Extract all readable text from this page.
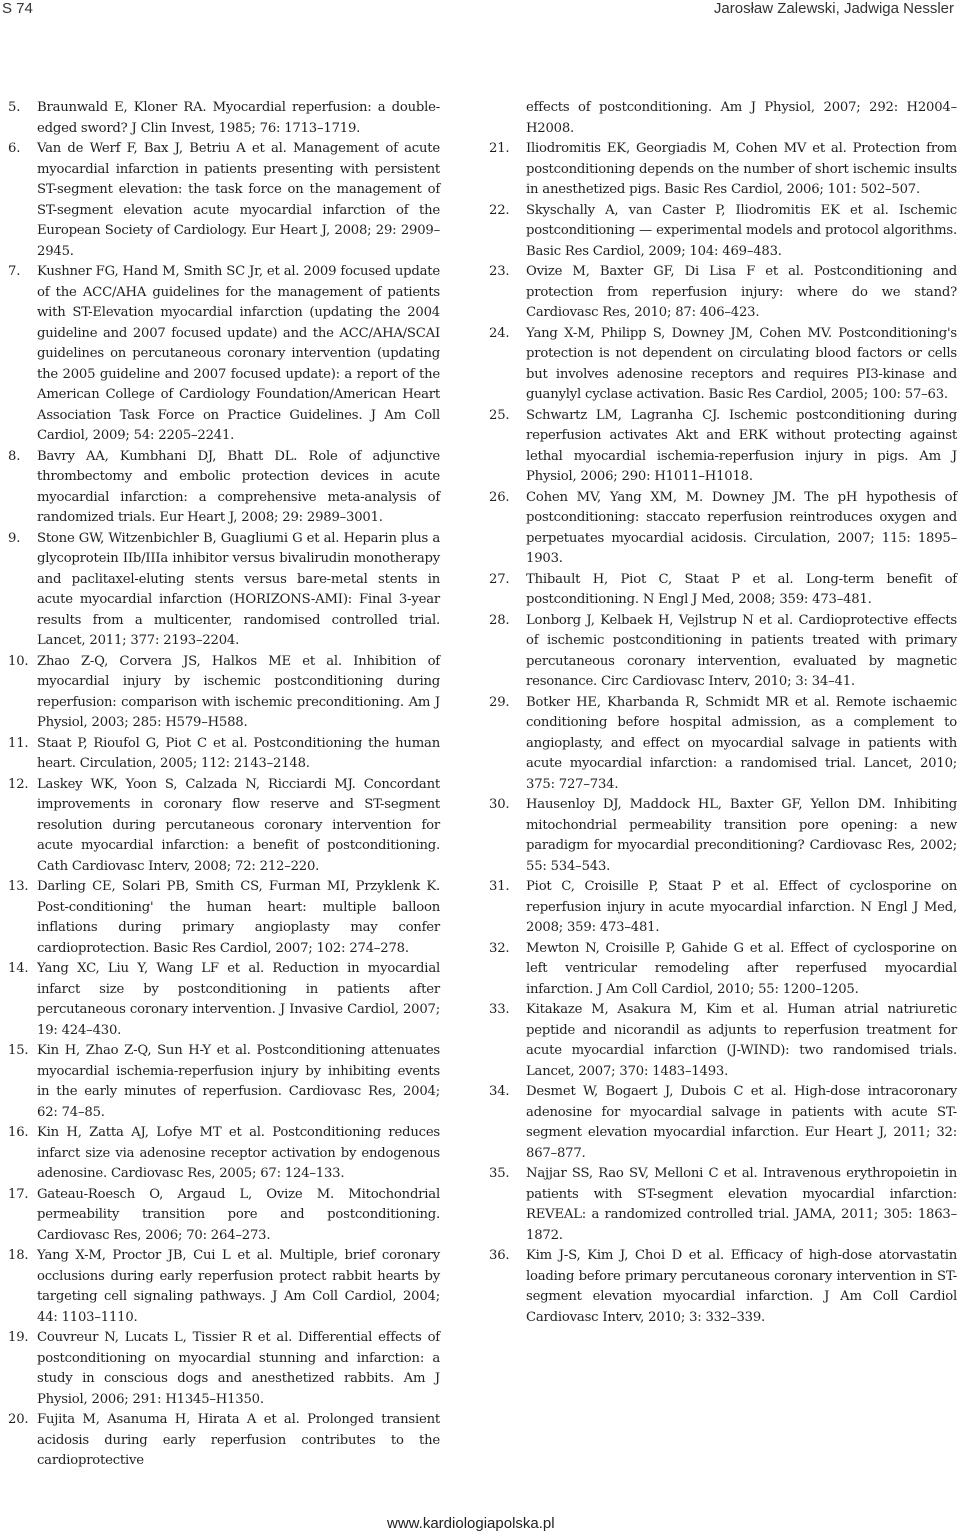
S 74	Jarosław Zalewski, Jadwiga Nessler
5. Braunwald E, Kloner RA. Myocardial reperfusion: a double-edged sword? J Clin Invest, 1985; 76: 1713–1719.
6. Van de Werf F, Bax J, Betriu A et al. Management of acute myocardial infarction in patients presenting with persistent ST-segment elevation: the task force on the management of ST-segment elevation acute myocardial infarction of the European Society of Cardiology. Eur Heart J, 2008; 29: 2909–2945.
7. Kushner FG, Hand M, Smith SC Jr, et al. 2009 focused update of the ACC/AHA guidelines for the management of patients with ST-Elevation myocardial infarction (updating the 2004 guideline and 2007 focused update) and the ACC/AHA/SCAI guidelines on percutaneous coronary intervention (updating the 2005 guideline and 2007 focused update): a report of the American College of Cardiology Foundation/American Heart Association Task Force on Practice Guidelines. J Am Coll Cardiol, 2009; 54: 2205–2241.
8. Bavry AA, Kumbhani DJ, Bhatt DL. Role of adjunctive thrombectomy and embolic protection devices in acute myocardial infarction: a comprehensive meta-analysis of randomized trials. Eur Heart J, 2008; 29: 2989–3001.
9. Stone GW, Witzenbichler B, Guagliumi G et al. Heparin plus a glycoprotein IIb/IIIa inhibitor versus bivalirudin monotherapy and paclitaxel-eluting stents versus bare-metal stents in acute myocardial infarction (HORIZONS-AMI): Final 3-year results from a multicenter, randomised controlled trial. Lancet, 2011; 377: 2193–2204.
10. Zhao Z-Q, Corvera JS, Halkos ME et al. Inhibition of myocardial injury by ischemic postconditioning during reperfusion: comparison with ischemic preconditioning. Am J Physiol, 2003; 285: H579–H588.
11. Staat P, Rioufol G, Piot C et al. Postconditioning the human heart. Circulation, 2005; 112: 2143–2148.
12. Laskey WK, Yoon S, Calzada N, Ricciardi MJ. Concordant improvements in coronary flow reserve and ST-segment resolution during percutaneous coronary intervention for acute myocardial infarction: a benefit of postconditioning. Cath Cardiovasc Interv, 2008; 72: 212–220.
13. Darling CE, Solari PB, Smith CS, Furman MI, Przyklenk K. Post-conditioning' the human heart: multiple balloon inflations during primary angioplasty may confer cardioprotection. Basic Res Cardiol, 2007; 102: 274–278.
14. Yang XC, Liu Y, Wang LF et al. Reduction in myocardial infarct size by postconditioning in patients after percutaneous coronary intervention. J Invasive Cardiol, 2007; 19: 424–430.
15. Kin H, Zhao Z-Q, Sun H-Y et al. Postconditioning attenuates myocardial ischemia-reperfusion injury by inhibiting events in the early minutes of reperfusion. Cardiovasc Res, 2004; 62: 74–85.
16. Kin H, Zatta AJ, Lofye MT et al. Postconditioning reduces infarct size via adenosine receptor activation by endogenous adenosine. Cardiovasc Res, 2005; 67: 124–133.
17. Gateau-Roesch O, Argaud L, Ovize M. Mitochondrial permeability transition pore and postconditioning. Cardiovasc Res, 2006; 70: 264–273.
18. Yang X-M, Proctor JB, Cui L et al. Multiple, brief coronary occlusions during early reperfusion protect rabbit hearts by targeting cell signaling pathways. J Am Coll Cardiol, 2004; 44: 1103–1110.
19. Couvreur N, Lucats L, Tissier R et al. Differential effects of postconditioning on myocardial stunning and infarction: a study in conscious dogs and anesthetized rabbits. Am J Physiol, 2006; 291: H1345–H1350.
20. Fujita M, Asanuma H, Hirata A et al. Prolonged transient acidosis during early reperfusion contributes to the cardioprotective
effects of postconditioning. Am J Physiol, 2007; 292: H2004–H2008.
21. Iliodromitis EK, Georgiadis M, Cohen MV et al. Protection from postconditioning depends on the number of short ischemic insults in anesthetized pigs. Basic Res Cardiol, 2006; 101: 502–507.
22. Skyschally A, van Caster P, Iliodromitis EK et al. Ischemic postconditioning — experimental models and protocol algorithms. Basic Res Cardiol, 2009; 104: 469–483.
23. Ovize M, Baxter GF, Di Lisa F et al. Postconditioning and protection from reperfusion injury: where do we stand? Cardiovasc Res, 2010; 87: 406–423.
24. Yang X-M, Philipp S, Downey JM, Cohen MV. Postconditioning's protection is not dependent on circulating blood factors or cells but involves adenosine receptors and requires PI3-kinase and guanylyl cyclase activation. Basic Res Cardiol, 2005; 100: 57–63.
25. Schwartz LM, Lagranha CJ. Ischemic postconditioning during reperfusion activates Akt and ERK without protecting against lethal myocardial ischemia-reperfusion injury in pigs. Am J Physiol, 2006; 290: H1011–H1018.
26. Cohen MV, Yang XM, M. Downey JM. The pH hypothesis of postconditioning: staccato reperfusion reintroduces oxygen and perpetuates myocardial acidosis. Circulation, 2007; 115: 1895–1903.
27. Thibault H, Piot C, Staat P et al. Long-term benefit of postconditioning. N Engl J Med, 2008; 359: 473–481.
28. Lonborg J, Kelbaek H, Vejlstrup N et al. Cardioprotective effects of ischemic postconditioning in patients treated with primary percutaneous coronary intervention, evaluated by magnetic resonance. Circ Cardiovasc Interv, 2010; 3: 34–41.
29. Botker HE, Kharbanda R, Schmidt MR et al. Remote ischaemic conditioning before hospital admission, as a complement to angioplasty, and effect on myocardial salvage in patients with acute myocardial infarction: a randomised trial. Lancet, 2010; 375: 727–734.
30. Hausenloy DJ, Maddock HL, Baxter GF, Yellon DM. Inhibiting mitochondrial permeability transition pore opening: a new paradigm for myocardial preconditioning? Cardiovasc Res, 2002; 55: 534–543.
31. Piot C, Croisille P, Staat P et al. Effect of cyclosporine on reperfusion injury in acute myocardial infarction. N Engl J Med, 2008; 359: 473–481.
32. Mewton N, Croisille P, Gahide G et al. Effect of cyclosporine on left ventricular remodeling after reperfused myocardial infarction. J Am Coll Cardiol, 2010; 55: 1200–1205.
33. Kitakaze M, Asakura M, Kim et al. Human atrial natriuretic peptide and nicorandil as adjunts to reperfusion treatment for acute myocardial infarction (J-WIND): two randomised trials. Lancet, 2007; 370: 1483–1493.
34. Desmet W, Bogaert J, Dubois C et al. High-dose intracoronary adenosine for myocardial salvage in patients with acute ST-segment elevation myocardial infarction. Eur Heart J, 2011; 32: 867–877.
35. Najjar SS, Rao SV, Melloni C et al. Intravenous erythropoietin in patients with ST-segment elevation myocardial infarction: REVEAL: a randomized controlled trial. JAMA, 2011; 305: 1863–1872.
36. Kim J-S, Kim J, Choi D et al. Efficacy of high-dose atorvastatin loading before primary percutaneous coronary intervention in ST-segment elevation myocardial infarction. J Am Coll Cardiol Cardiovasc Interv, 2010; 3: 332–339.
www.kardiologiapolska.pl
